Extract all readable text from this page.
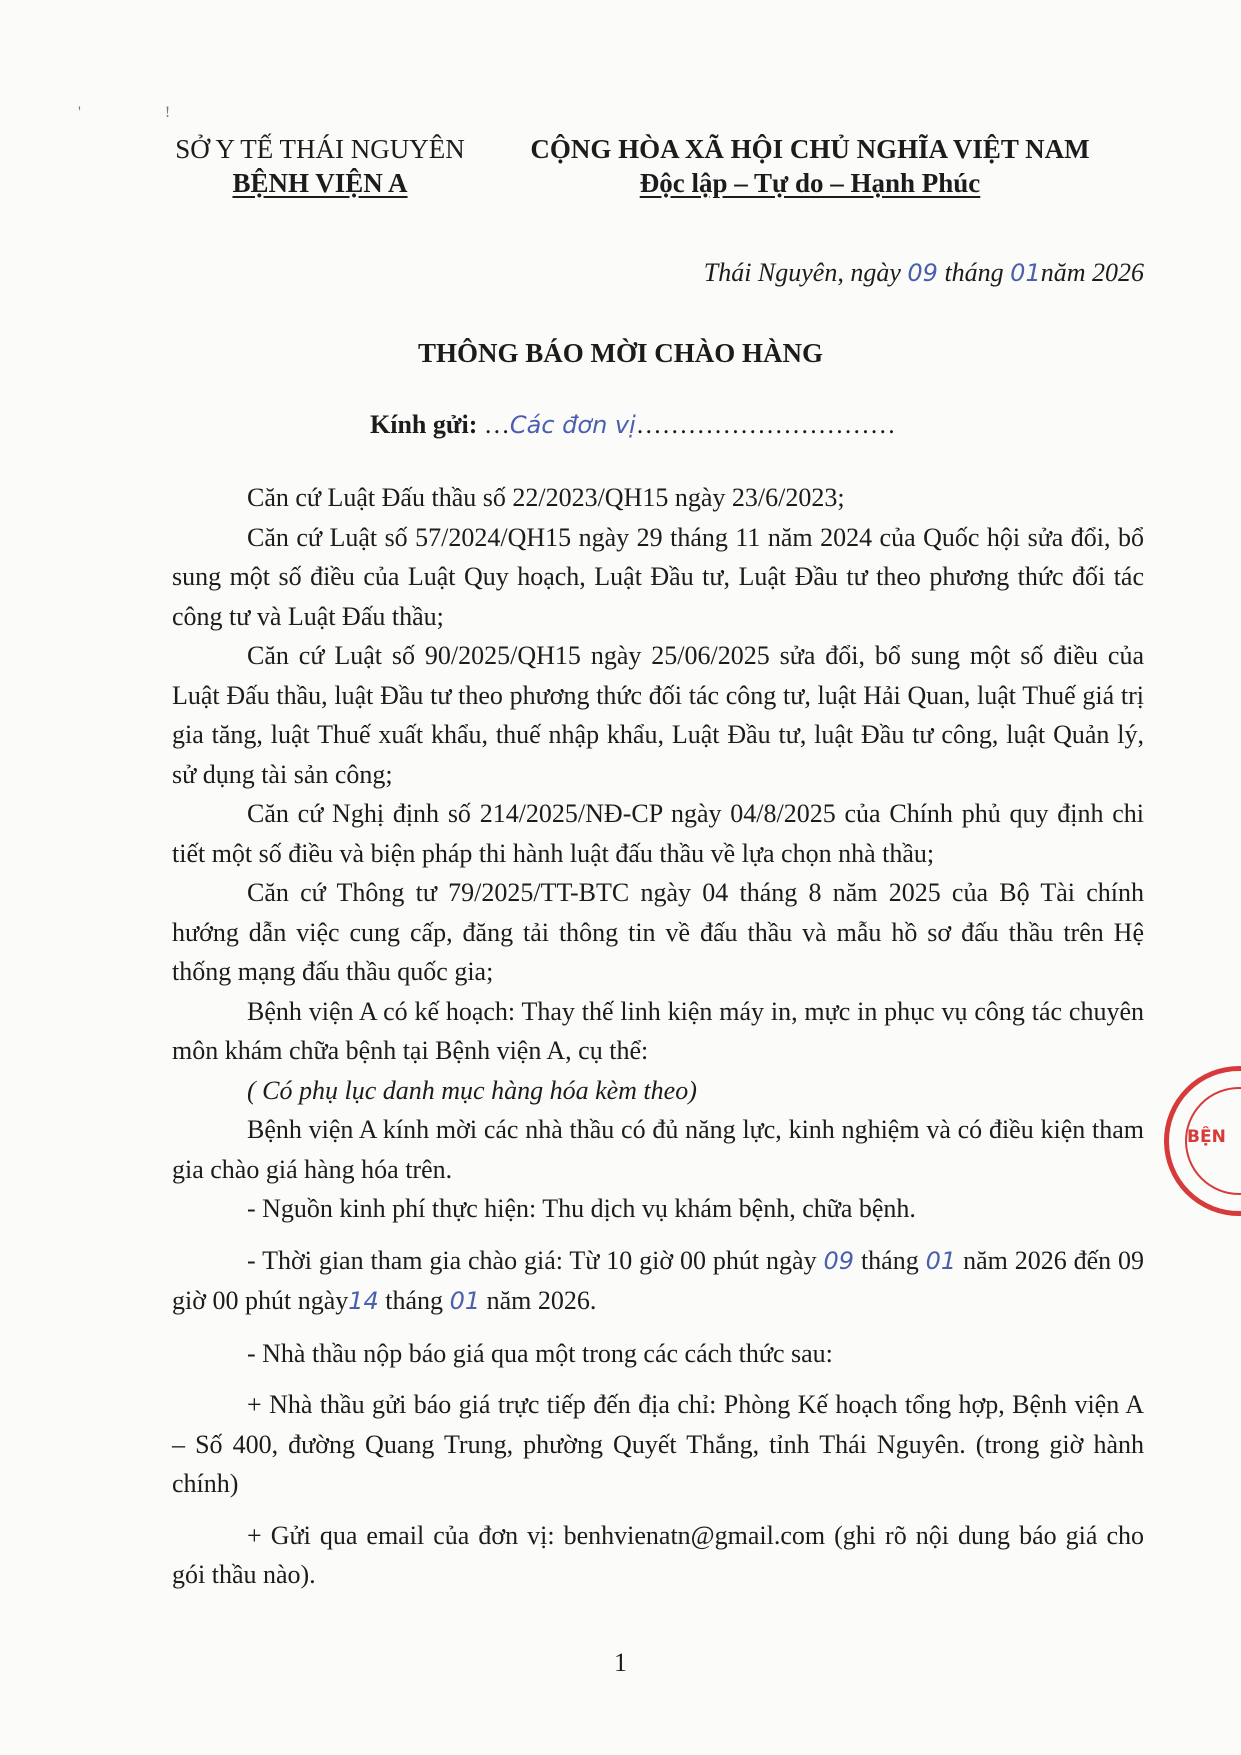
' !
SỞ Y TẾ THÁI NGUYÊN
BỆNH VIỆN A
CỘNG HÒA XÃ HỘI CHỦ NGHĨA VIỆT NAM
Độc lập – Tự do – Hạnh Phúc
Thái Nguyên, ngày 09 tháng 01năm 2026
THÔNG BÁO MỜI CHÀO HÀNG
Kính gửi: …Các đơn vị…………………………

Căn cứ Luật Đấu thầu số 22/2023/QH15 ngày 23/6/2023;

Căn cứ Luật số 57/2024/QH15 ngày 29 tháng 11 năm 2024 của Quốc hội sửa đổi, bổ sung một số điều của Luật Quy hoạch, Luật Đầu tư, Luật Đầu tư theo phương thức đối tác công tư và Luật Đấu thầu;

Căn cứ Luật số 90/2025/QH15 ngày 25/06/2025 sửa đổi, bổ sung một số điều của Luật Đấu thầu, luật Đầu tư theo phương thức đối tác công tư, luật Hải Quan, luật Thuế giá trị gia tăng, luật Thuế xuất khẩu, thuế nhập khẩu, Luật Đầu tư, luật Đầu tư công, luật Quản lý, sử dụng tài sản công;

Căn cứ Nghị định số 214/2025/NĐ-CP ngày 04/8/2025 của Chính phủ quy định chi tiết một số điều và biện pháp thi hành luật đấu thầu về lựa chọn nhà thầu;

Căn cứ Thông tư 79/2025/TT-BTC ngày 04 tháng 8 năm 2025 của Bộ Tài chính hướng dẫn việc cung cấp, đăng tải thông tin về đấu thầu và mẫu hồ sơ đấu thầu trên Hệ thống mạng đấu thầu quốc gia;

Bệnh viện A có kế hoạch: Thay thế linh kiện máy in, mực in phục vụ công tác chuyên môn khám chữa bệnh tại Bệnh viện A, cụ thể:

( Có phụ lục danh mục hàng hóa kèm theo)

Bệnh viện A kính mời các nhà thầu có đủ năng lực, kinh nghiệm và có điều kiện tham gia chào giá hàng hóa trên.

- Nguồn kinh phí thực hiện: Thu dịch vụ khám bệnh, chữa bệnh.

- Thời gian tham gia chào giá: Từ 10 giờ 00 phút ngày 09 tháng 01 năm 2026 đến 09 giờ 00 phút ngày14 tháng 01 năm 2026.

- Nhà thầu nộp báo giá qua một trong các cách thức sau:

+ Nhà thầu gửi báo giá trực tiếp đến địa chỉ: Phòng Kế hoạch tổng hợp, Bệnh viện A – Số 400, đường Quang Trung, phường Quyết Thắng, tỉnh Thái Nguyên. (trong giờ hành chính)

+ Gửi qua email của đơn vị: benhvienatn@gmail.com (ghi rõ nội dung báo giá cho gói thầu nào).

1
BỆN
